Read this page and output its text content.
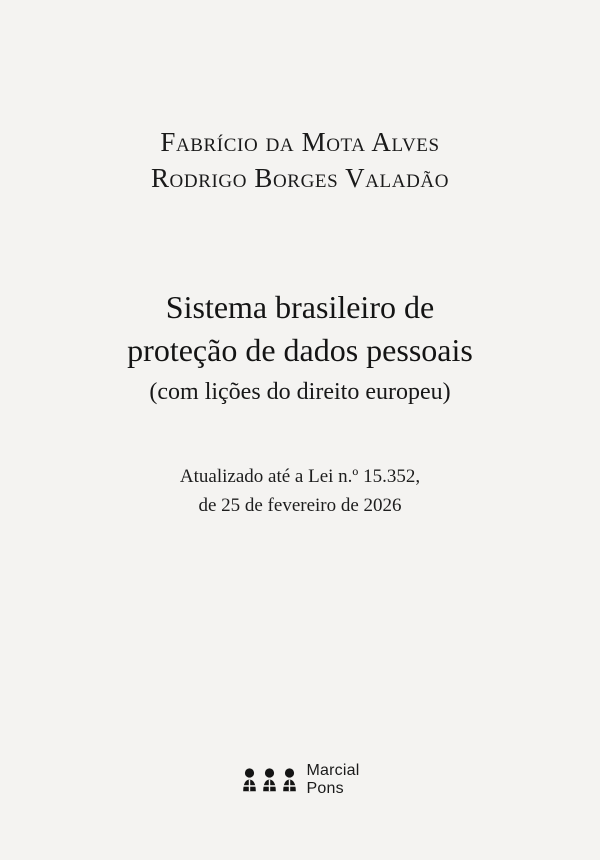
Fabrício da Mota Alves
Rodrigo Borges Valadão
Sistema brasileiro de
proteção de dados pessoais
(com lições do direito europeu)
Atualizado até a Lei n.º 15.352,
de 25 de fevereiro de 2026
Marcial
Pons
